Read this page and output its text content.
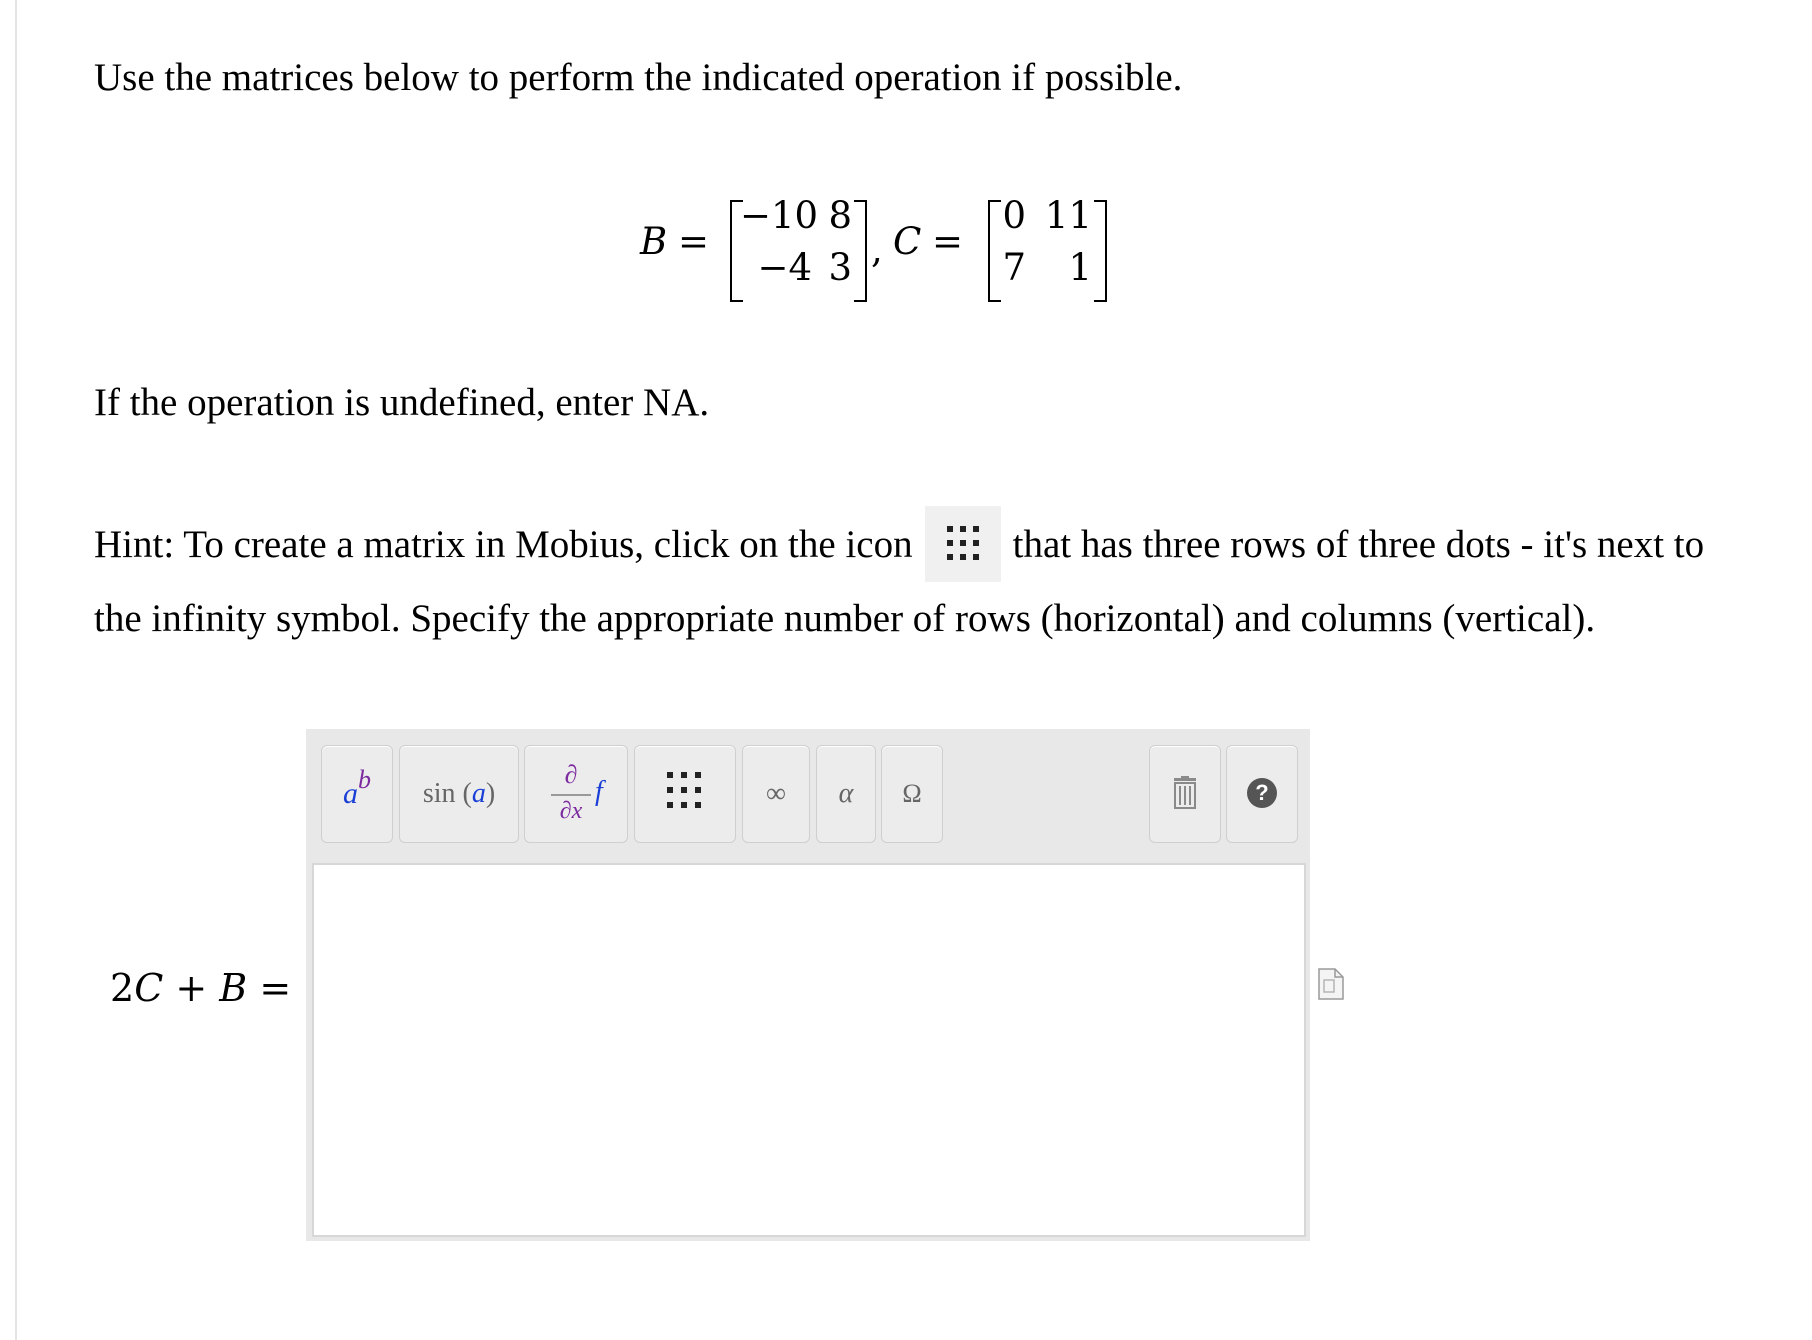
Use the matrices below to perform the indicated operation if possible.
B =
−10 8
−4 3 , C =
0 11
7	1
If the operation is undefined, enter NA.
Hint: To create a matrix in Mobius, click on the icon	that has three rows of three dots - it's next to
the infinity symbol. Specify the appropriate number of rows (horizontal) and columns (vertical).
2C + B =
a b sin
( a )
∂
∂x
f	∞	α	Ω	?
